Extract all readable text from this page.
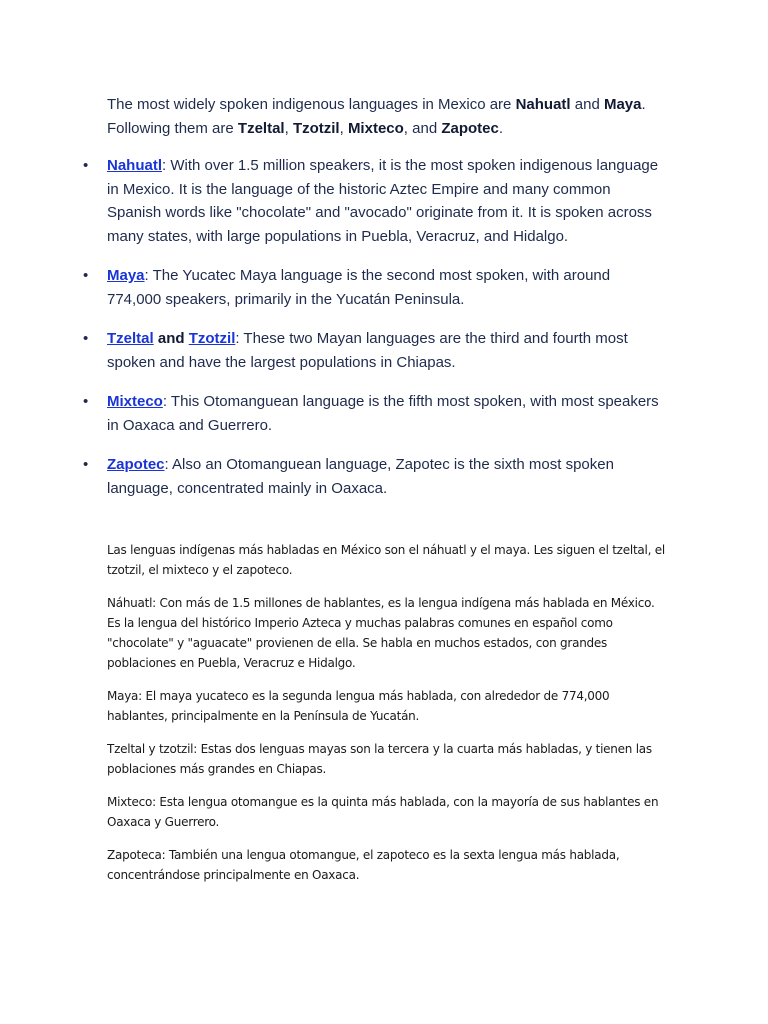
The most widely spoken indigenous languages in Mexico are Nahuatl and Maya. Following them are Tzeltal, Tzotzil, Mixteco, and Zapotec.

• Nahuatl: With over 1.5 million speakers, it is the most spoken indigenous language in Mexico. It is the language of the historic Aztec Empire and many common Spanish words like "chocolate" and "avocado" originate from it. It is spoken across many states, with large populations in Puebla, Veracruz, and Hidalgo.
• Maya: The Yucatec Maya language is the second most spoken, with around 774,000 speakers, primarily in the Yucatán Peninsula.
• Tzeltal and Tzotzil: These two Mayan languages are the third and fourth most spoken and have the largest populations in Chiapas.
• Mixteco: This Otomanguean language is the fifth most spoken, with most speakers in Oaxaca and Guerrero.
• Zapotec: Also an Otomanguean language, Zapotec is the sixth most spoken language, concentrated mainly in Oaxaca.

Las lenguas indígenas más habladas en México son el náhuatl y el maya. Les siguen el tzeltal, el tzotzil, el mixteco y el zapoteco.

Náhuatl: Con más de 1.5 millones de hablantes, es la lengua indígena más hablada en México. Es la lengua del histórico Imperio Azteca y muchas palabras comunes en español como "chocolate" y "aguacate" provienen de ella. Se habla en muchos estados, con grandes poblaciones en Puebla, Veracruz e Hidalgo.

Maya: El maya yucateco es la segunda lengua más hablada, con alrededor de 774,000 hablantes, principalmente en la Península de Yucatán.

Tzeltal y tzotzil: Estas dos lenguas mayas son la tercera y la cuarta más habladas, y tienen las poblaciones más grandes en Chiapas.

Mixteco: Esta lengua otomangue es la quinta más hablada, con la mayoría de sus hablantes en Oaxaca y Guerrero.

Zapoteca: También una lengua otomangue, el zapoteco es la sexta lengua más hablada, concentrándose principalmente en Oaxaca.
